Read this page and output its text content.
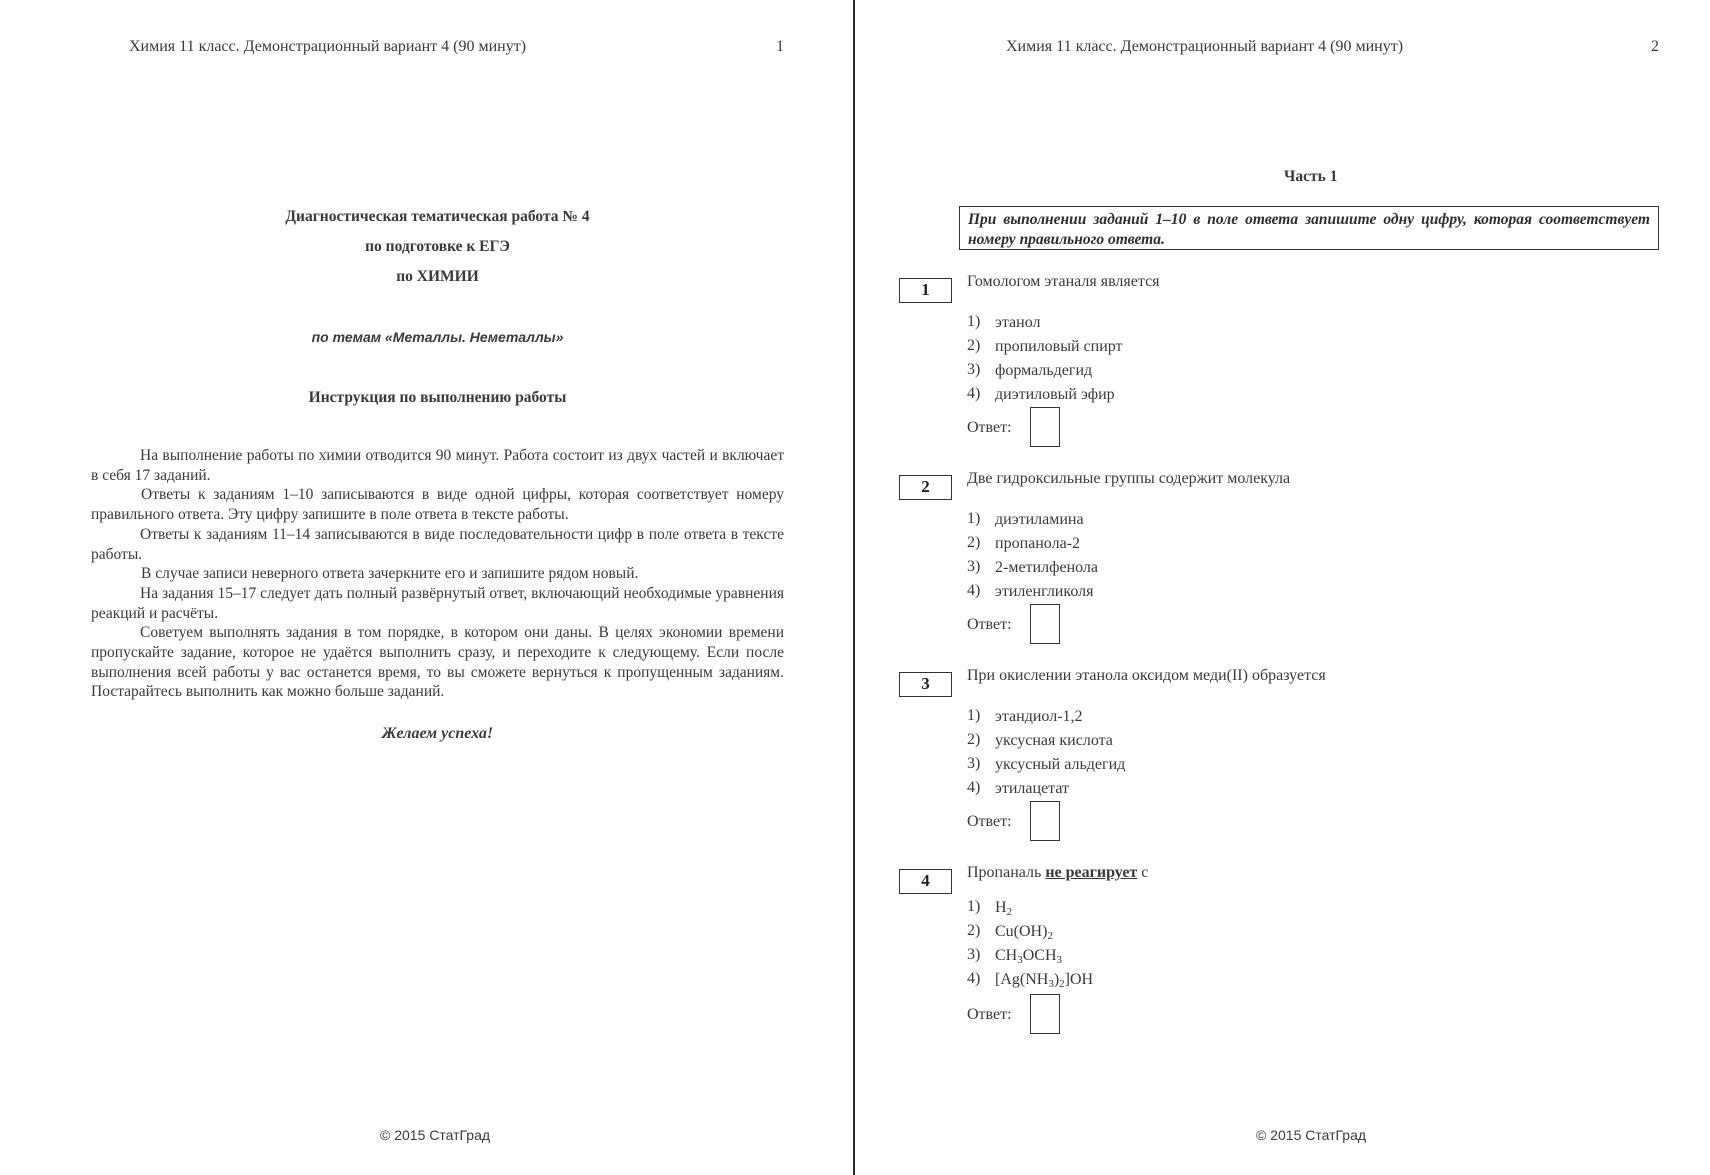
Химия 11 класс. Демонстрационный вариант 4 (90 минут)	1
Диагностическая тематическая работа № 4
по подготовке к ЕГЭ
по ХИМИИ
по темам «Металлы. Неметаллы»
Инструкция по выполнению работы

На выполнение работы по химии отводится 90 минут. Работа состоит из двух частей и включает в себя 17 заданий.

Ответы к заданиям 1–10 записываются в виде одной цифры, которая соответствует номеру правильного ответа. Эту цифру запишите в поле ответа в тексте работы.

Ответы к заданиям 11–14 записываются в виде последовательности цифр в поле ответа в тексте работы.

В случае записи неверного ответа зачеркните его и запишите рядом новый.

На задания 15–17 следует дать полный развёрнутый ответ, включающий необходимые уравнения реакций и расчёты.

Советуем выполнять задания в том порядке, в котором они даны. В целях экономии времени пропускайте задание, которое не удаётся выполнить сразу, и переходите к следующему. Если после выполнения всей работы у вас останется время, то вы сможете вернуться к пропущенным заданиям. Постарайтесь выполнить как можно больше заданий.

Желаем успеха!
© 2015 СтатГрад
Химия 11 класс. Демонстрационный вариант 4 (90 минут)	2
Часть 1
При выполнении заданий 1–10 в поле ответа запишите одну цифру, которая соответствует номеру правильного ответа.
1	Гомологом этаналя является
1) этанол
2) пропиловый спирт
3) формальдегид
4) диэтиловый эфир
Ответ:
2	Две гидроксильные группы содержит молекула
1) диэтиламина
2) пропанола-2
3) 2-метилфенола
4) этиленгликоля
Ответ:
3	При окислении этанола оксидом меди(II) образуется
1) этандиол-1,2
2) уксусная кислота
3) уксусный альдегид
4) этилацетат
Ответ:
4	Пропаналь не реагирует с
1) $H_2$
2) $Cu(OH)_2$
3) $CH_3OCH_3$
4) $[Ag(NH_3)_2]OH$
Ответ:
© 2015 СтатГрад
